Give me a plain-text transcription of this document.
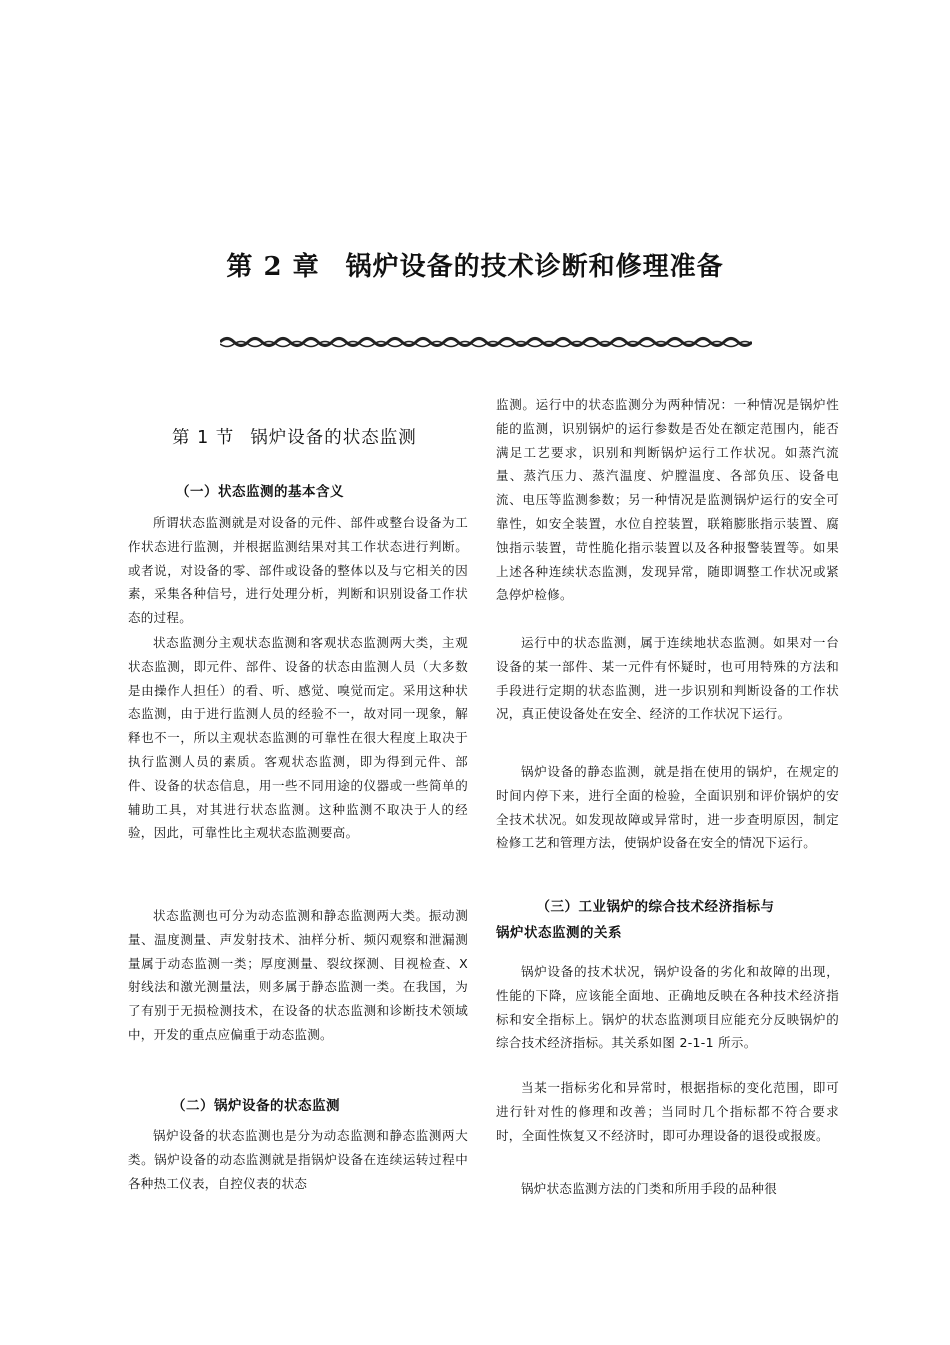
第 2 章 锅炉设备的技术诊断和修理准备
第 1 节 锅炉设备的状态监测
（一）状态监测的基本含义

所谓状态监测就是对设备的元件、部件或整台设备为工作状态进行监测，并根据监测结果对其工作状态进行判断。或者说，对设备的零、部件或设备的整体以及与它相关的因素，采集各种信号，进行处理分析，判断和识别设备工作状态的过程。

状态监测分主观状态监测和客观状态监测两大类，主观状态监测，即元件、部件、设备的状态由监测人员（大多数是由操作人担任）的看、听、感觉、嗅觉而定。采用这种状态监测，由于进行监测人员的经验不一，故对同一现象，解释也不一，所以主观状态监测的可靠性在很大程度上取决于执行监测人员的素质。客观状态监测，即为得到元件、部件、设备的状态信息，用一些不同用途的仪器或一些简单的辅助工具，对其进行状态监测。这种监测不取决于人的经验，因此，可靠性比主观状态监测要高。

状态监测也可分为动态监测和静态监测两大类。振动测量、温度测量、声发射技术、油样分析、频闪观察和泄漏测量属于动态监测一类；厚度测量、裂纹探测、目视检查、X射线法和激光测量法，则多属于静态监测一类。在我国，为了有别于无损检测技术，在设备的状态监测和诊断技术领域中，开发的重点应偏重于动态监测。

（二）锅炉设备的状态监测

锅炉设备的状态监测也是分为动态监测和静态监测两大类。锅炉设备的动态监测就是指锅炉设备在连续运转过程中各种热工仪表，自控仪表的状态

监测。运行中的状态监测分为两种情况：一种情况是锅炉性能的监测，识别锅炉的运行参数是否处在额定范围内，能否满足工艺要求，识别和判断锅炉运行工作状况。如蒸汽流量、蒸汽压力、蒸汽温度、炉膛温度、各部负压、设备电流、电压等监测参数；另一种情况是监测锅炉运行的安全可靠性，如安全装置，水位自控装置，联箱膨胀指示装置、腐蚀指示装置，苛性脆化指示装置以及各种报警装置等。如果上述各种连续状态监测，发现异常，随即调整工作状况或紧急停炉检修。

运行中的状态监测，属于连续地状态监测。如果对一台设备的某一部件、某一元件有怀疑时，也可用特殊的方法和手段进行定期的状态监测，进一步识别和判断设备的工作状况，真正使设备处在安全、经济的工作状况下运行。

锅炉设备的静态监测，就是指在使用的锅炉，在规定的时间内停下来，进行全面的检验，全面识别和评价锅炉的安全技术状况。如发现故障或异常时，进一步查明原因，制定检修工艺和管理方法，使锅炉设备在安全的情况下运行。

（三）工业锅炉的综合技术经济指标与
锅炉状态监测的关系

锅炉设备的技术状况，锅炉设备的劣化和故障的出现，性能的下降，应该能全面地、正确地反映在各种技术经济指标和安全指标上。锅炉的状态监测项目应能充分反映锅炉的综合技术经济指标。其关系如图 2-1-1 所示。

当某一指标劣化和异常时，根据指标的变化范围，即可进行针对性的修理和改善；当同时几个指标都不符合要求时，全面性恢复又不经济时，即可办理设备的退役或报废。

锅炉状态监测方法的门类和所用手段的品种很
